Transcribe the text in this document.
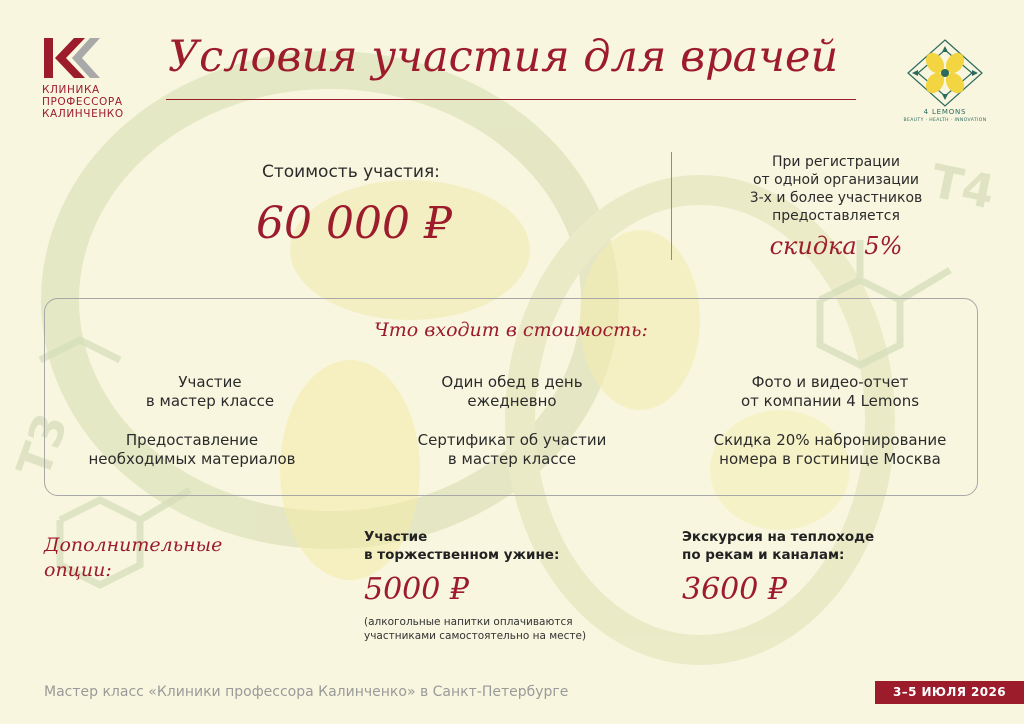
T4
T3
КЛИНИКА
ПРОФЕССОРА
КАЛИНЧЕНКО
Условия участия для врачей
4 LEMONS
BEAUTY · HEALTH · INNOVATION
Стоимость участия:
60 000 ₽
При регистрации
от одной организации
3-х и более участников
предоставляется
скидка 5%
Что входит в стоимость:
Участие
в мастер классе
Один обед в день
ежедневно
Фото и видео-отчет
от компании 4 Lemons
Предоставление
необходимых материалов
Сертификат об участии
в мастер классе
Скидка 20% набронирование
номера в гостинице Москва
Дополнительные
опции:
Участие
в торжественном ужине:
5000 ₽
(алкогольные напитки оплачиваются
участниками самостоятельно на месте)
Экскурсия на теплоходе
по рекам и каналам:
3600 ₽
Мастер класс «Клиники профессора Калинченко» в Санкт-Петербурге	3–5 ИЮЛЯ 2026
